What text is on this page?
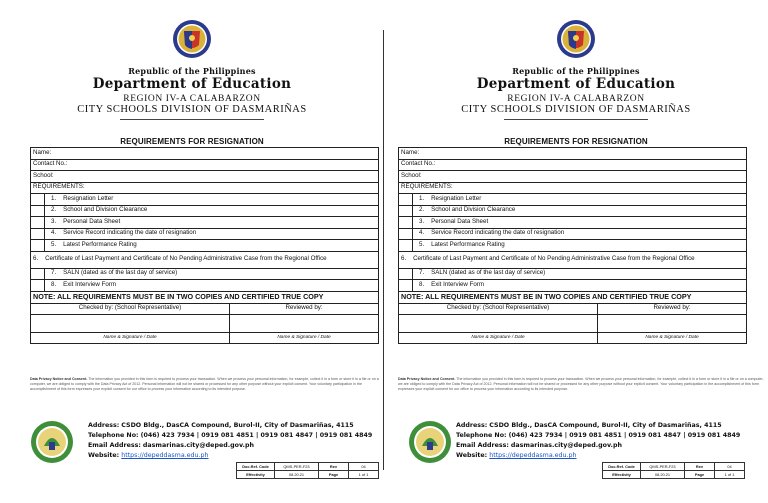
Republic of the Philippines
Department of Education
REGION IV-A CALABARZON
CITY SCHOOLS DIVISION OF DASMARIÑAS
REQUIREMENTS FOR RESIGNATION
Name:		
Contact No.:		
School:		
REQUIREMENTS:		
	1. Resignation Letter	
	2. School and Division Clearance	
	3. Personal Data Sheet	
	4. Service Record indicating the date of resignation	
	5. Latest Performance Rating	
6. Certificate of Last Payment and Certificate of No Pending Administrative Case from the Regional Office		
	7. SALN (dated as of the last day of service)	
	8. Exit Interview Form	
NOTE: ALL REQUIREMENTS MUST BE IN TWO COPIES AND CERTIFIED TRUE COPY		
Checked by: (School Representative)		Reviewed by:

Name & Signature / Date		Name & Signature / Date
Data Privacy Notice and Consent. The information you provided in this form is required to process your transaction. When we process your personal information, for example, collect it in a form or store it in a file or on a computer, we are obliged to comply with the Data Privacy Act of 2012. Personal information will not be shared or processed for any other purpose without your explicit consent. Your voluntary participation in the accomplishment of this form expresses your explicit consent for our office to process your information according to its intended purpose.
Address: CSDO Bldg., DasCA Compound, Burol-II, City of Dasmariñas, 4115
Telephone No: (046) 423 7934 | 0919 081 4851 | 0919 081 4847 | 0919 081 4849
Email Address: dasmarinas.city@deped.gov.ph
Website: https://depeddasma.edu.ph
Doc.Ref. Code	QMS-PER-F23	Rev	04
Effectivity	08.20.21	Page	1 of 1
Republic of the Philippines
Department of Education
REGION IV-A CALABARZON
CITY SCHOOLS DIVISION OF DASMARIÑAS
REQUIREMENTS FOR RESIGNATION
Name:		
Contact No.:		
School:		
REQUIREMENTS:		
	1. Resignation Letter	
	2. School and Division Clearance	
	3. Personal Data Sheet	
	4. Service Record indicating the date of resignation	
	5. Latest Performance Rating	
6. Certificate of Last Payment and Certificate of No Pending Administrative Case from the Regional Office		
	7. SALN (dated as of the last day of service)	
	8. Exit Interview Form	
NOTE: ALL REQUIREMENTS MUST BE IN TWO COPIES AND CERTIFIED TRUE COPY		
Checked by: (School Representative)		Reviewed by:

Name & Signature / Date		Name & Signature / Date
Data Privacy Notice and Consent. The information you provided in this form is required to process your transaction. When we process your personal information, for example, collect it in a form or store it in a file or on a computer, we are obliged to comply with the Data Privacy Act of 2012. Personal information will not be shared or processed for any other purpose without your explicit consent. Your voluntary participation in the accomplishment of this form expresses your explicit consent for our office to process your information according to its intended purpose.
Address: CSDO Bldg., DasCA Compound, Burol-II, City of Dasmariñas, 4115
Telephone No: (046) 423 7934 | 0919 081 4851 | 0919 081 4847 | 0919 081 4849
Email Address: dasmarinas.city@deped.gov.ph
Website: https://depeddasma.edu.ph
Doc.Ref. Code	QMS-PER-F23	Rev	04
Effectivity	08.20.21	Page	1 of 1
